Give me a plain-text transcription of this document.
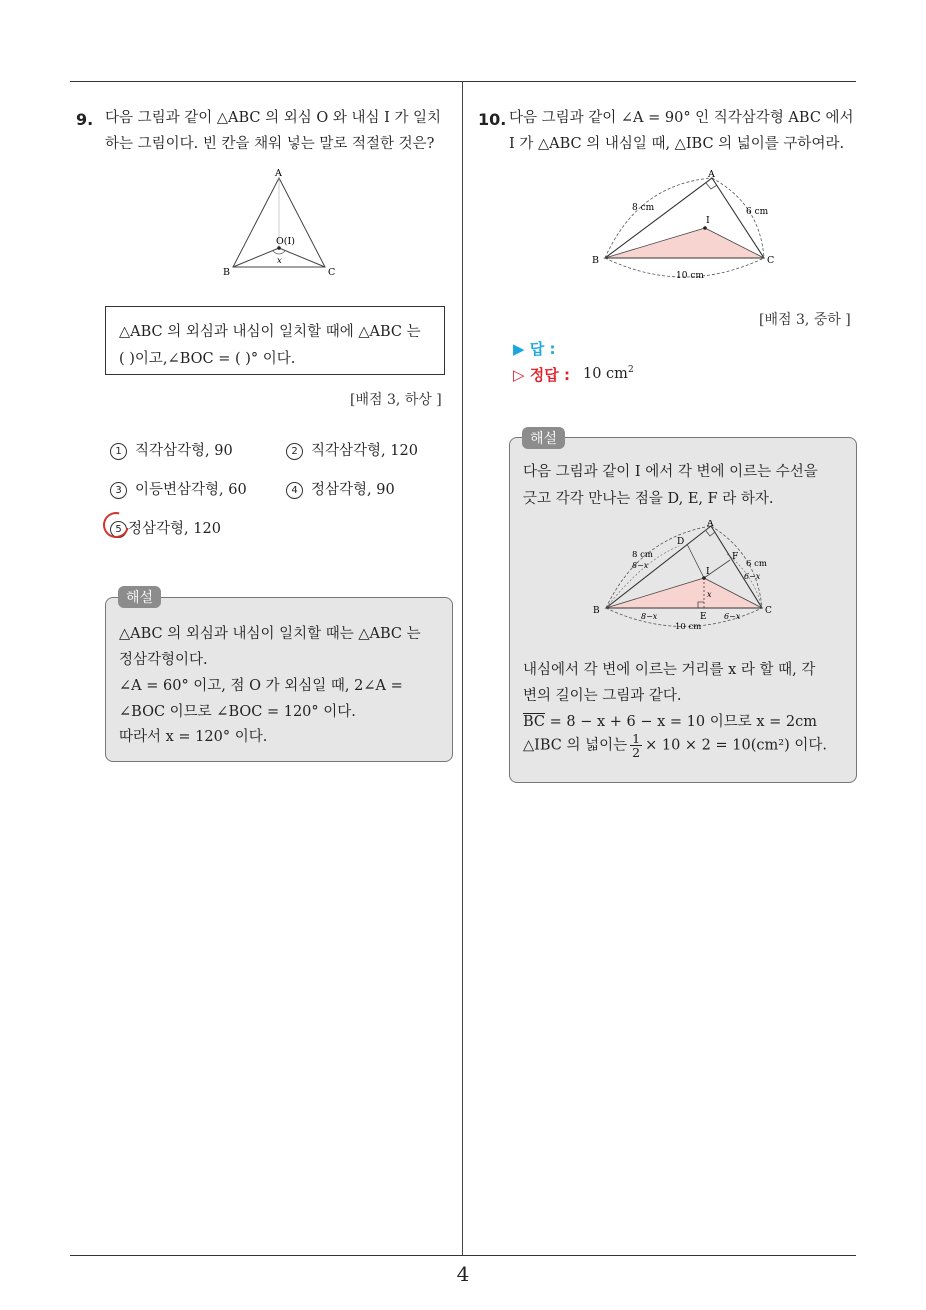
4
9. 다음 그림과 같이 △ABC 의 외심 O 와 내심 I 가 일치
하는 그림이다. 빈 칸을 채워 넣는 말로 적절한 것은?
A
B	C
O(I)
x
△ABC 의 외심과 내심이 일치할 때에 △ABC 는
( )이고,∠BOC = ( )° 이다.
[배점 3, 하상 ]
1 직각삼각형, 90	2 직각삼각형, 120
3 이등변삼각형, 60	4 정삼각형, 90
5 정삼각형, 120
△ABC 의 외심과 내심이 일치할 때는 △ABC 는
정삼각형이다.
∠A = 60° 이고, 점 O 가 외심일 때, 2∠A =
∠BOC 이므로 ∠BOC = 120° 이다.
따라서 x = 120° 이다.
해설
10. 다음 그림과 같이 ∠A = 90° 인 직각삼각형 ABC 에서
I 가 △ABC 의 내심일 때, △IBC 의 넓이를 구하여라.
A
B	C
I
8 cm	6 cm
10 cm
[배점 3, 중하 ]
▶ 답 :
▷ 정답 : 10 $cm^2$
다음 그림과 같이 I 에서 각 변에 이르는 수선을
긋고 각각 만나는 점을 D, E, F 라 하자.
A
B	C
I
D
F
E
8 cm
6 cm
10 cm
8−x
8−x
6−x
6−x
x
내심에서 각 변에 이르는 거리를 x 라 할 때, 각
변의 길이는 그림과 같다.
$\overline{BC} = 8 - x + 6 - x = 10$ 이므로 x = 2cm
△IBC 의 넓이는 $\frac{1}{2} \times 10 \times 2 = 10(cm^2)$ 이다.
해설
